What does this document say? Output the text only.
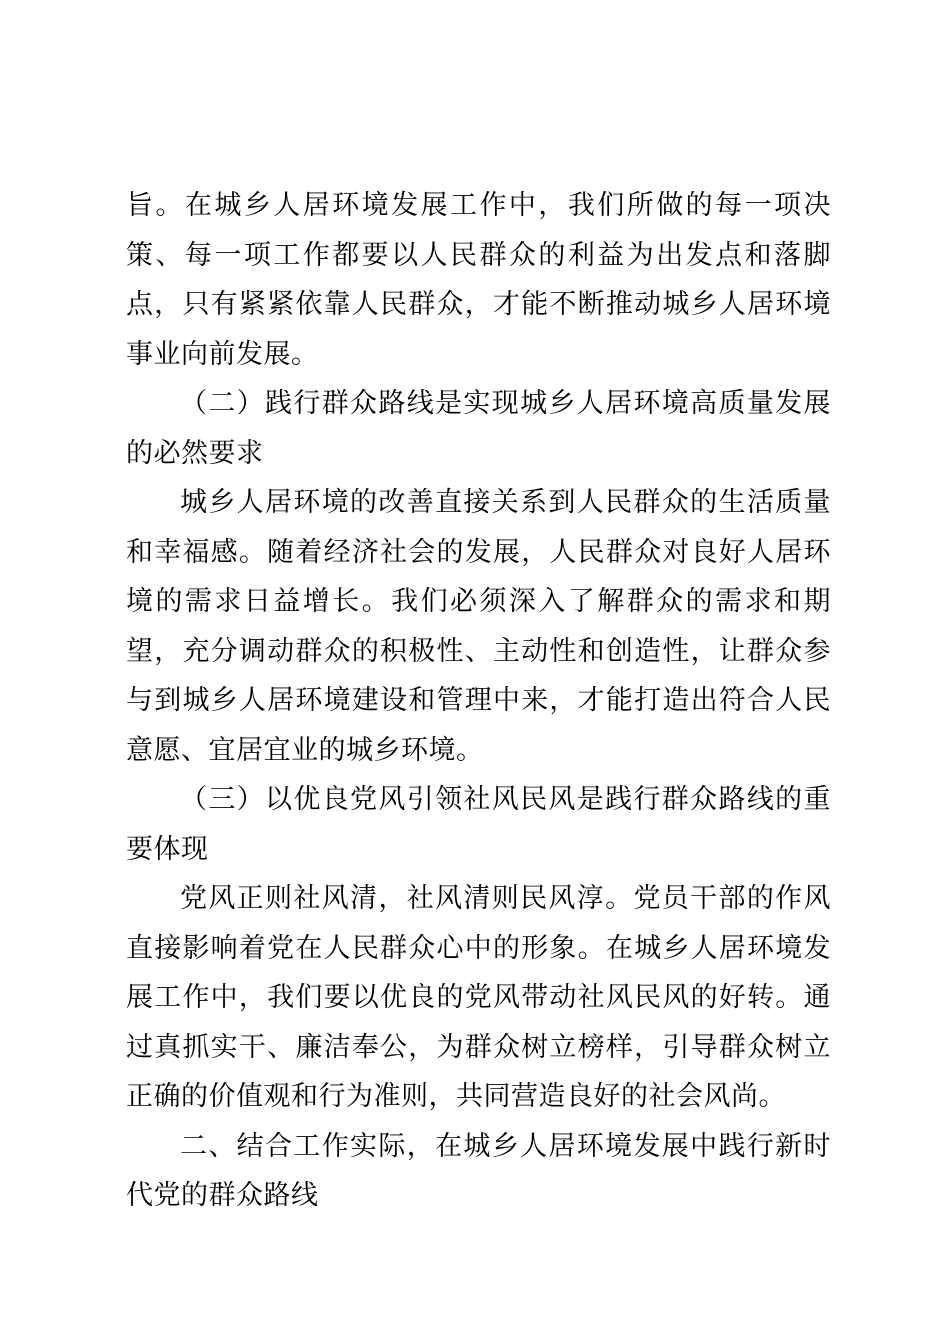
旨。在城乡人居环境发展工作中，我们所做的每一项决策、每一项工作都要以人民群众的利益为出发点和落脚点，只有紧紧依靠人民群众，才能不断推动城乡人居环境事业向前发展。

（二）践行群众路线是实现城乡人居环境高质量发展的必然要求

城乡人居环境的改善直接关系到人民群众的生活质量和幸福感。随着经济社会的发展，人民群众对良好人居环境的需求日益增长。我们必须深入了解群众的需求和期望，充分调动群众的积极性、主动性和创造性，让群众参与到城乡人居环境建设和管理中来，才能打造出符合人民意愿、宜居宜业的城乡环境。

（三）以优良党风引领社风民风是践行群众路线的重要体现

党风正则社风清，社风清则民风淳。党员干部的作风直接影响着党在人民群众心中的形象。在城乡人居环境发展工作中，我们要以优良的党风带动社风民风的好转。通过真抓实干、廉洁奉公，为群众树立榜样，引导群众树立正确的价值观和行为准则，共同营造良好的社会风尚。

二、结合工作实际，在城乡人居环境发展中践行新时代党的群众路线
